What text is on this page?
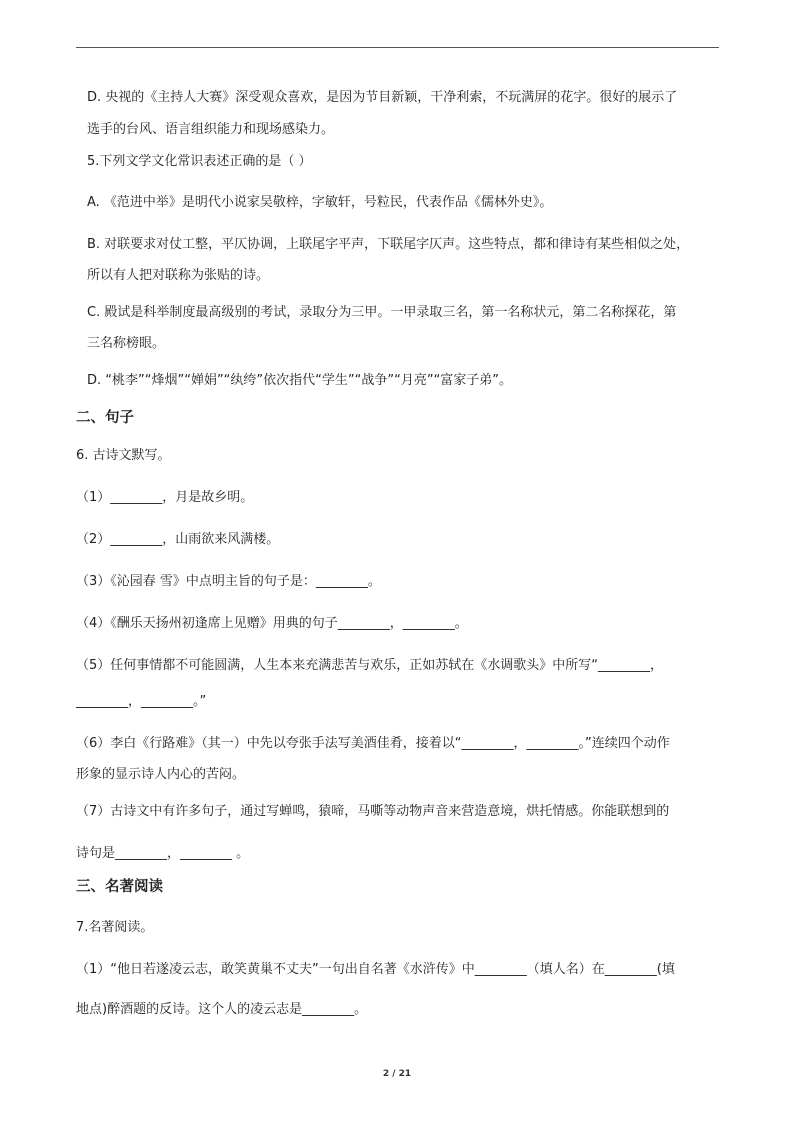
D. 央视的《主持人大赛》深受观众喜欢，是因为节目新颖，干净利索，不玩满屏的花字。很好的展示了
选手的台风、语言组织能力和现场感染力。
5.下列文学文化常识表述正确的是（ ）
A. 《范进中举》是明代小说家吴敬梓，字敏轩，号粒民，代表作品《儒林外史》。
B. 对联要求对仗工整，平仄协调，上联尾字平声，下联尾字仄声。这些特点，都和律诗有某些相似之处，
所以有人把对联称为张贴的诗。
C. 殿试是科举制度最高级别的考试，录取分为三甲。一甲录取三名，第一名称状元，第二名称探花，第
三名称榜眼。
D. “桃李”“烽烟”“婵娟”“纨绔”依次指代“学生”“战争”“月亮”“富家子弟”。
二、句子
6. 古诗文默写。
（1）________，月是故乡明。
（2）________，山雨欲来风满楼。
（3）《沁园春 雪》中点明主旨的句子是：________。
（4）《酬乐天扬州初逢席上见赠》用典的句子________，________。
（5）任何事情都不可能圆满，人生本来充满悲苦与欢乐，正如苏轼在《水调歌头》中所写“________，
________，________。”
（6）李白《行路难》（其一）中先以夸张手法写美酒佳肴，接着以“________，________。”连续四个动作
形象的显示诗人内心的苦闷。
（7）古诗文中有许多句子，通过写蝉鸣，猿啼，马嘶等动物声音来营造意境，烘托情感。你能联想到的
诗句是________，________ 。
三、名著阅读
7.名著阅读。
（1）“他日若遂凌云志，敢笑黄巢不丈夫”一句出自名著《水浒传》中________（填人名）在________(填
地点)醉酒题的反诗。这个人的凌云志是________。
2 / 21
